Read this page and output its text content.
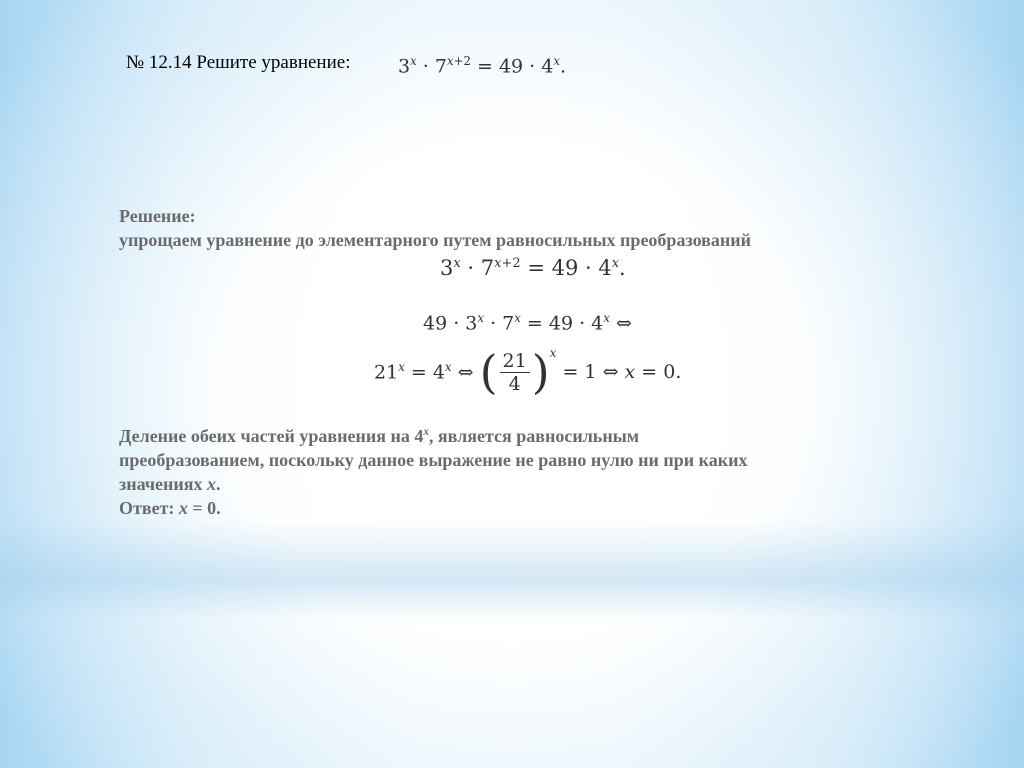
№ 12.14 Решите уравнение:	$3^x \cdot 7^{x+2} = 49 \cdot 4^x$.
Решение:
упрощаем уравнение до элементарного путем равносильных преобразований
$3^x \cdot 7^{x+2} = 49 \cdot 4^x$.
$49 \cdot 3^x \cdot 7^x = 49 \cdot 4^x$ ⇔
$21^x = 4^x$ ⇔ ( $\frac{21}{4}$ ) x
= 1 ⇔ x = 0.
Деление обеих частей уравнения на 4$^x$, является равносильным
преобразованием, поскольку данное выражение не равно нулю ни при каких
значениях x.
Ответ: x = 0.
